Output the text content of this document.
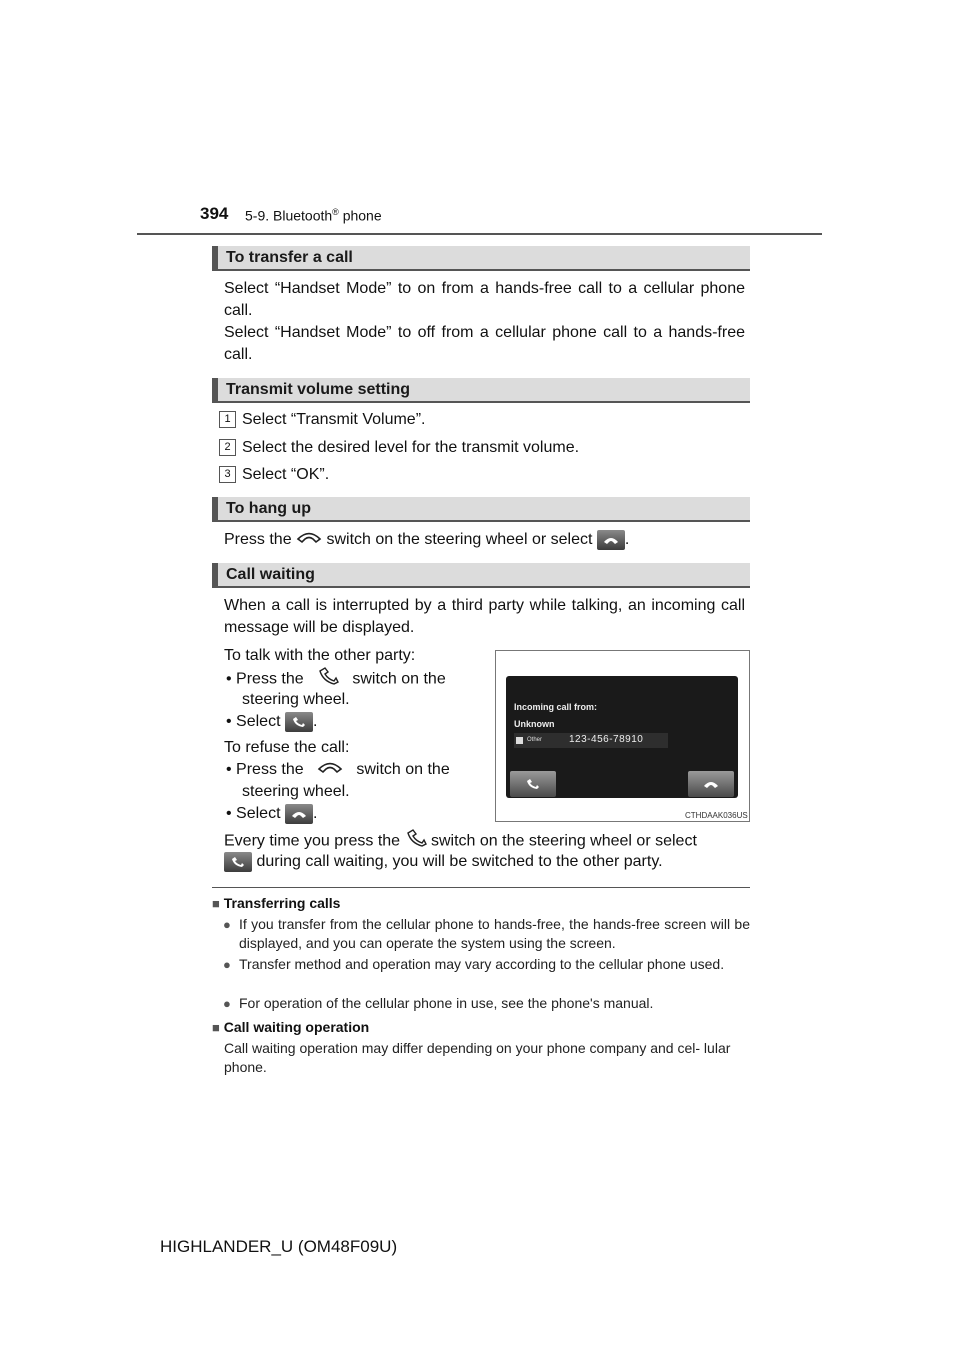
394 5-9. Bluetooth® phone
To transfer a call
Select “Handset Mode” to on from a hands-free call to a cellular phone call.
Select “Handset Mode” to off from a cellular phone call to a hands-free call.
Transmit volume setting
1 Select “Transmit Volume”.
2 Select the desired level for the transmit volume.
3 Select “OK”.
To hang up
Press the switch on the steering wheel or select .
Call waiting
When a call is interrupted by a third party while talking, an incoming call message will be displayed.
To talk with the other party:
• Press the	switch on the
steering wheel.
• Select .
To refuse the call:
• Press the	switch on the
steering wheel.
• Select .
Every time you press the switch on the steering wheel or select
during call waiting, you will be switched to the other party.
Incoming call from:
Unknown
Other	123-456-78910
CTHDAAK036US
■ Transferring calls
● If you transfer from the cellular phone to hands-free, the hands-free screen will be displayed, and you can operate the system using the screen.
● Transfer method and operation may vary according to the cellular phone used.
● For operation of the cellular phone in use, see the phone's manual.
■ Call waiting operation
Call waiting operation may differ depending on your phone company and cel- lular phone.
HIGHLANDER_U (OM48F09U)
